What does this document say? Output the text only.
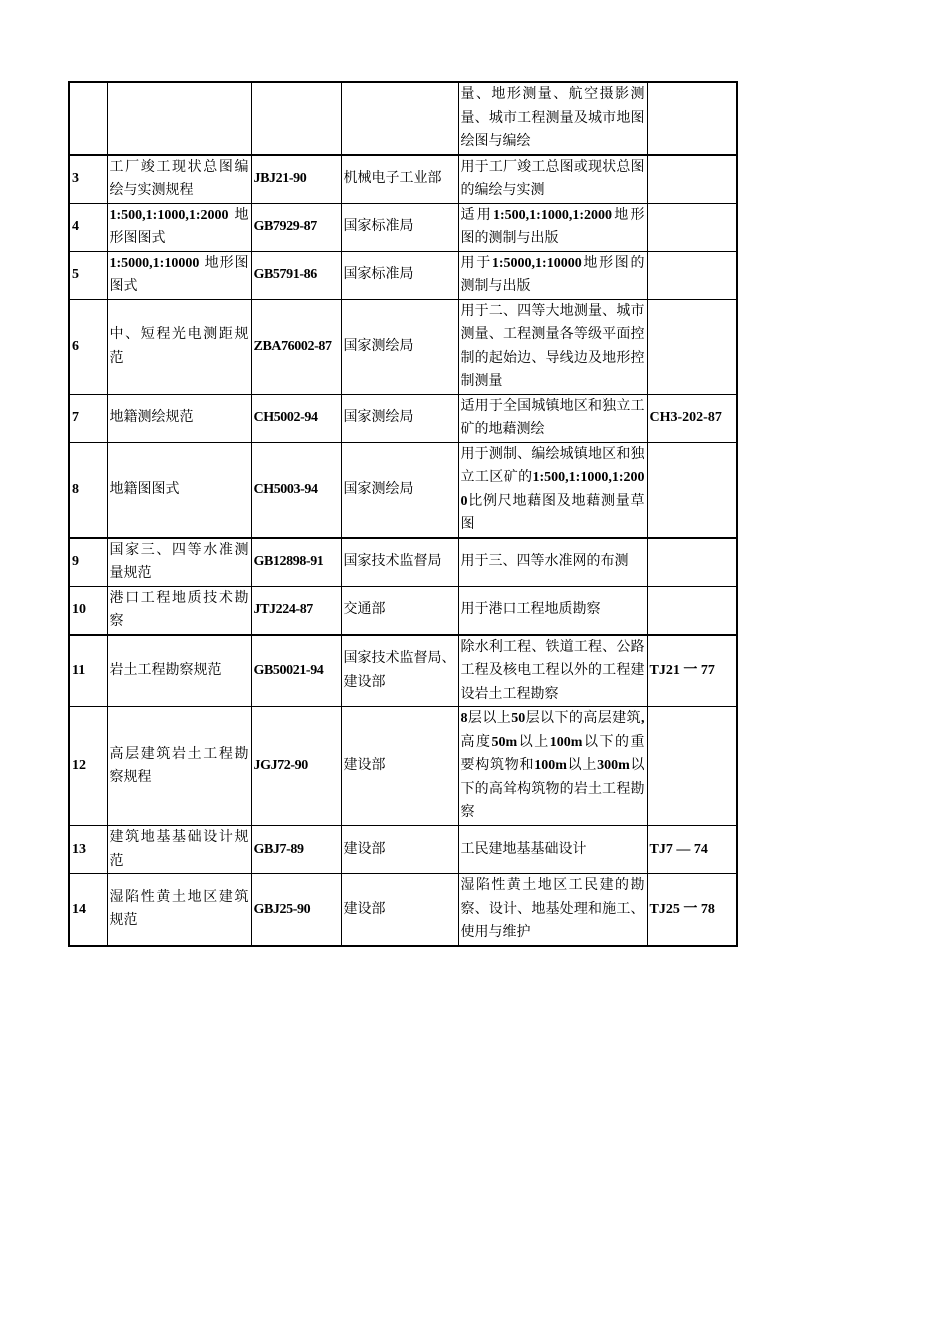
				量、地形测量、航空摄影测量、城市工程测量及城市地图绘图与编绘	
3	工厂竣工现状总图编绘与实测规程	JBJ21-90	机械电子工业部	用于工厂竣工总图或现状总图的编绘与实测	
4	1:500,1:1000,1:2000地形图图式	GB7929-87	国家标准局	适用1:500,1:1000,1:2000地形图的测制与出版	
5	1:5000,1:10000 地形图图式	GB5791-86	国家标准局	用于1:5000,1:10000地形图的测制与出版	
6	中、短程光电测距规范	ZBA76002-87	国家测绘局	用于二、四等大地测量、城市测量、工程测量各等级平面控制的起始边、导线边及地形控制测量	
7	地籍测绘规范	CH5002-94	国家测绘局	适用于全国城镇地区和独立工矿的地藉测绘	CH3-202-87
8	地籍图图式	CH5003-94	国家测绘局	用于测制、编绘城镇地区和独立工区矿的1:500,1:1000,1:2000比例尺地藉图及地藉测量草图	
9	国家三、四等水准测量规范	GB12898-91	国家技术监督局	用于三、四等水准网的布测	
10	港口工程地质技术勘察	JTJ224-87	交通部	用于港口工程地质勘察	
11	岩土工程勘察规范	GB50021-94	国家技术监督局、建设部	除水利工程、铁道工程、公路工程及核电工程以外的工程建设岩土工程勘察	TJ21 一 77
12	高层建筑岩土工程勘察规程	JGJ72-90	建设部	8层以上50层以下的高层建筑,高度50m以上100m以下的重要构筑物和100m以上300m以下的高耸构筑物的岩土工程勘察	
13	建筑地基基础设计规范	GBJ7-89	建设部	工民建地基基础设计	TJ7 — 74
14	湿陷性黄土地区建筑规范	GBJ25-90	建设部	湿陷性黄土地区工民建的勘察、设计、地基处理和施工、使用与维护	TJ25 一 78
